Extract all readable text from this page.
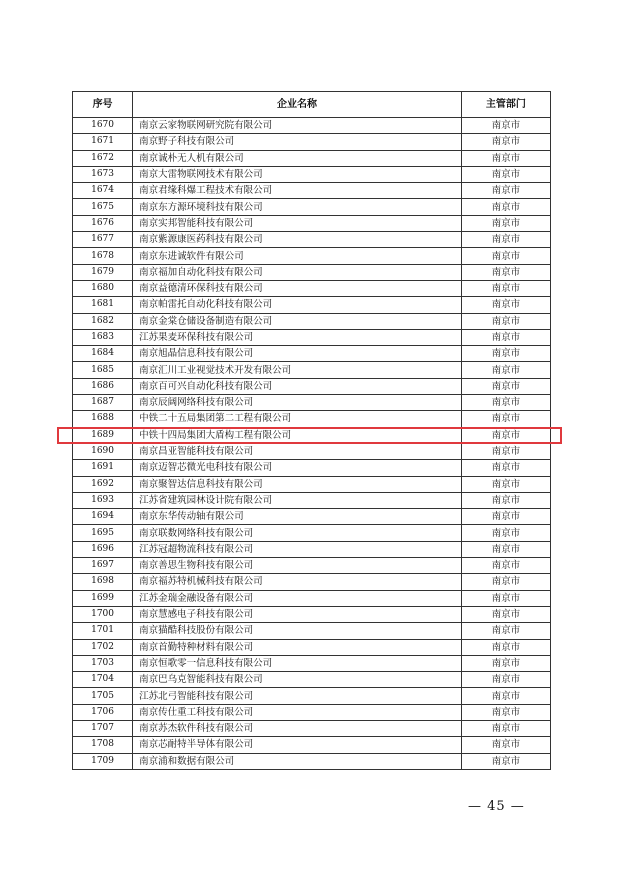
序号	企业名称	主管部门
1670	南京云家物联网研究院有限公司	南京市
1671	南京野子科技有限公司	南京市
1672	南京诚朴无人机有限公司	南京市
1673	南京大雷物联网技术有限公司	南京市
1674	南京君缘科爆工程技术有限公司	南京市
1675	南京东方源环境科技有限公司	南京市
1676	南京实邦智能科技有限公司	南京市
1677	南京紫源康医药科技有限公司	南京市
1678	南京东进诚软件有限公司	南京市
1679	南京福加自动化科技有限公司	南京市
1680	南京益德清环保科技有限公司	南京市
1681	南京帕雷托自动化科技有限公司	南京市
1682	南京金棠仓储设备制造有限公司	南京市
1683	江苏果麦环保科技有限公司	南京市
1684	南京旭晶信息科技有限公司	南京市
1685	南京汇川工业视觉技术开发有限公司	南京市
1686	南京百可兴自动化科技有限公司	南京市
1687	南京辰阔网络科技有限公司	南京市
1688	中铁二十五局集团第二工程有限公司	南京市
1689	中铁十四局集团大盾构工程有限公司	南京市
1690	南京昌亚智能科技有限公司	南京市
1691	南京迈智芯微光电科技有限公司	南京市
1692	南京聚智达信息科技有限公司	南京市
1693	江苏省建筑园林设计院有限公司	南京市
1694	南京东华传动轴有限公司	南京市
1695	南京联数网络科技有限公司	南京市
1696	江苏冠超物流科技有限公司	南京市
1697	南京善思生物科技有限公司	南京市
1698	南京福苏特机械科技有限公司	南京市
1699	江苏金瑞金融设备有限公司	南京市
1700	南京慧感电子科技有限公司	南京市
1701	南京猫酷科技股份有限公司	南京市
1702	南京首勤特种材料有限公司	南京市
1703	南京恒歌零一信息科技有限公司	南京市
1704	南京巴乌克智能科技有限公司	南京市
1705	江苏北弓智能科技有限公司	南京市
1706	南京传仕重工科技有限公司	南京市
1707	南京苏杰软件科技有限公司	南京市
1708	南京芯耐特半导体有限公司	南京市
1709	南京浦和数据有限公司	南京市
— 45 —
